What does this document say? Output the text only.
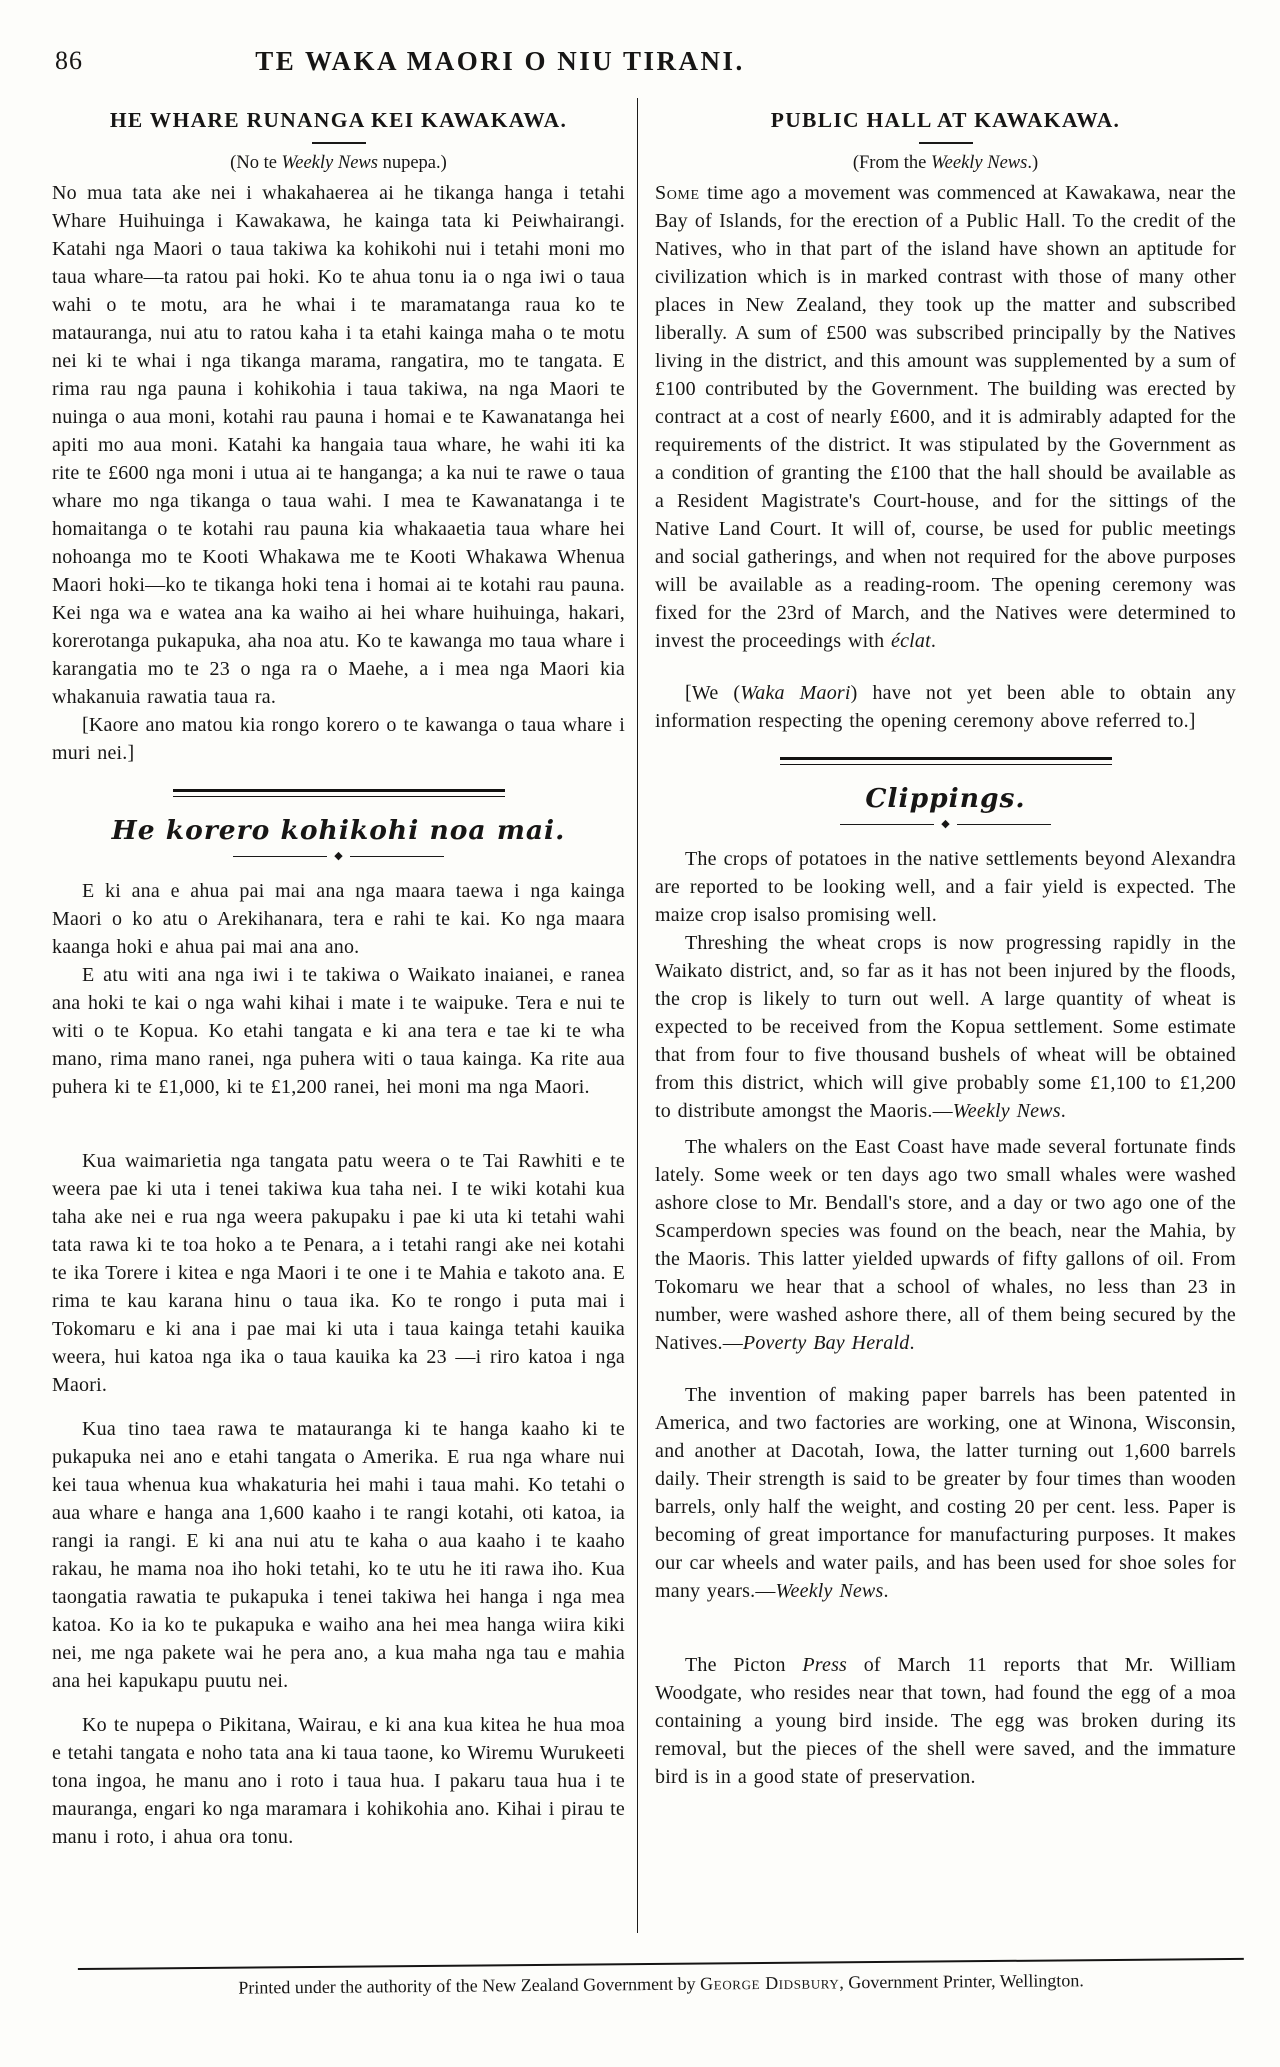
86	TE WAKA MAORI O NIU TIRANI.
HE WHARE RUNANGA KEI KAWAKAWA.

(No te Weekly News nupepa.)

No mua tata ake nei i whakahaerea ai he tikanga hanga i tetahi Whare Huihuinga i Kawakawa, he kainga tata ki Peiwhairangi. Katahi nga Maori o taua takiwa ka kohikohi nui i tetahi moni mo taua whare—ta ratou pai hoki. Ko te ahua tonu ia o nga iwi o taua wahi o te motu, ara he whai i te maramatanga raua ko te matauranga, nui atu to ratou kaha i ta etahi kainga maha o te motu nei ki te whai i nga tikanga marama, rangatira, mo te tangata. E rima rau nga pauna i kohikohia i taua takiwa, na nga Maori te nuinga o aua moni, kotahi rau pauna i homai e te Kawanatanga hei apiti mo aua moni. Katahi ka hangaia taua whare, he wahi iti ka rite te £600 nga moni i utua ai te hanganga; a ka nui te rawe o taua whare mo nga tikanga o taua wahi. I mea te Kawanatanga i te homaitanga o te kotahi rau pauna kia whakaaetia taua whare hei nohoanga mo te Kooti Whakawa me te Kooti Whakawa Whenua Maori hoki—ko te tikanga hoki tena i homai ai te kotahi rau pauna. Kei nga wa e watea ana ka waiho ai hei whare huihuinga, hakari, korerotanga pukapuka, aha noa atu. Ko te kawanga mo taua whare i karangatia mo te 23 o nga ra o Maehe, a i mea nga Maori kia whakanuia rawatia taua ra.

[Kaore ano matou kia rongo korero o te kawanga o taua whare i muri nei.]

He korero kohikohi noa mai.
◆

E ki ana e ahua pai mai ana nga maara taewa i nga kainga Maori o ko atu o Arekihanara, tera e rahi te kai. Ko nga maara kaanga hoki e ahua pai mai ana ano.

E atu witi ana nga iwi i te takiwa o Waikato inaianei, e ranea ana hoki te kai o nga wahi kihai i mate i te waipuke. Tera e nui te witi o te Kopua. Ko etahi tangata e ki ana tera e tae ki te wha mano, rima mano ranei, nga puhera witi o taua kainga. Ka rite aua puhera ki te £1,000, ki te £1,200 ranei, hei moni ma nga Maori.

Kua waimarietia nga tangata patu weera o te Tai Rawhiti e te weera pae ki uta i tenei takiwa kua taha nei. I te wiki kotahi kua taha ake nei e rua nga weera pakupaku i pae ki uta ki tetahi wahi tata rawa ki te toa hoko a te Penara, a i tetahi rangi ake nei kotahi te ika Torere i kitea e nga Maori i te one i te Mahia e takoto ana. E rima te kau karana hinu o taua ika. Ko te rongo i puta mai i Tokomaru e ki ana i pae mai ki uta i taua kainga tetahi kauika weera, hui katoa nga ika o taua kauika ka 23 —i riro katoa i nga Maori.

Kua tino taea rawa te matauranga ki te hanga kaaho ki te pukapuka nei ano e etahi tangata o Amerika. E rua nga whare nui kei taua whenua kua whakaturia hei mahi i taua mahi. Ko tetahi o aua whare e hanga ana 1,600 kaaho i te rangi kotahi, oti katoa, ia rangi ia rangi. E ki ana nui atu te kaha o aua kaaho i te kaaho rakau, he mama noa iho hoki tetahi, ko te utu he iti rawa iho. Kua taongatia rawatia te pukapuka i tenei takiwa hei hanga i nga mea katoa. Ko ia ko te pukapuka e waiho ana hei mea hanga wiira kiki nei, me nga pakete wai he pera ano, a kua maha nga tau e mahia ana hei kapukapu puutu nei.

Ko te nupepa o Pikitana, Wairau, e ki ana kua kitea he hua moa e tetahi tangata e noho tata ana ki taua taone, ko Wiremu Wurukeeti tona ingoa, he manu ano i roto i taua hua. I pakaru taua hua i te mauranga, engari ko nga maramara i kohikohia ano. Kihai i pirau te manu i roto, i ahua ora tonu.

PUBLIC HALL AT KAWAKAWA.

(From the Weekly News.)

Some time ago a movement was commenced at Kawakawa, near the Bay of Islands, for the erection of a Public Hall. To the credit of the Natives, who in that part of the island have shown an aptitude for civilization which is in marked contrast with those of many other places in New Zealand, they took up the matter and subscribed liberally. A sum of £500 was subscribed principally by the Natives living in the district, and this amount was supplemented by a sum of £100 contributed by the Government. The building was erected by contract at a cost of nearly £600, and it is admirably adapted for the requirements of the district. It was stipulated by the Government as a condition of granting the £100 that the hall should be available as a Resident Magistrate's Court-house, and for the sittings of the Native Land Court. It will of, course, be used for public meetings and social gatherings, and when not required for the above purposes will be available as a reading-room. The opening ceremony was fixed for the 23rd of March, and the Natives were determined to invest the proceedings with éclat.

[We (Waka Maori) have not yet been able to obtain any information respecting the opening ceremony above referred to.]

Clippings.
◆

The crops of potatoes in the native settlements beyond Alexandra are reported to be looking well, and a fair yield is expected. The maize crop isalso promising well.

Threshing the wheat crops is now progressing rapidly in the Waikato district, and, so far as it has not been injured by the floods, the crop is likely to turn out well. A large quantity of wheat is expected to be received from the Kopua settlement. Some estimate that from four to five thousand bushels of wheat will be obtained from this district, which will give probably some £1,100 to £1,200 to distribute amongst the Maoris.—Weekly News.

The whalers on the East Coast have made several fortunate finds lately. Some week or ten days ago two small whales were washed ashore close to Mr. Bendall's store, and a day or two ago one of the Scamperdown species was found on the beach, near the Mahia, by the Maoris. This latter yielded upwards of fifty gallons of oil. From Tokomaru we hear that a school of whales, no less than 23 in number, were washed ashore there, all of them being secured by the Natives.—Poverty Bay Herald.

The invention of making paper barrels has been patented in America, and two factories are working, one at Winona, Wisconsin, and another at Dacotah, Iowa, the latter turning out 1,600 barrels daily. Their strength is said to be greater by four times than wooden barrels, only half the weight, and costing 20 per cent. less. Paper is becoming of great importance for manufacturing purposes. It makes our car wheels and water pails, and has been used for shoe soles for many years.—Weekly News.

The Picton Press of March 11 reports that Mr. William Woodgate, who resides near that town, had found the egg of a moa containing a young bird inside. The egg was broken during its removal, but the pieces of the shell were saved, and the immature bird is in a good state of preservation.

Printed under the authority of the New Zealand Government by George Didsbury, Government Printer, Wellington.
